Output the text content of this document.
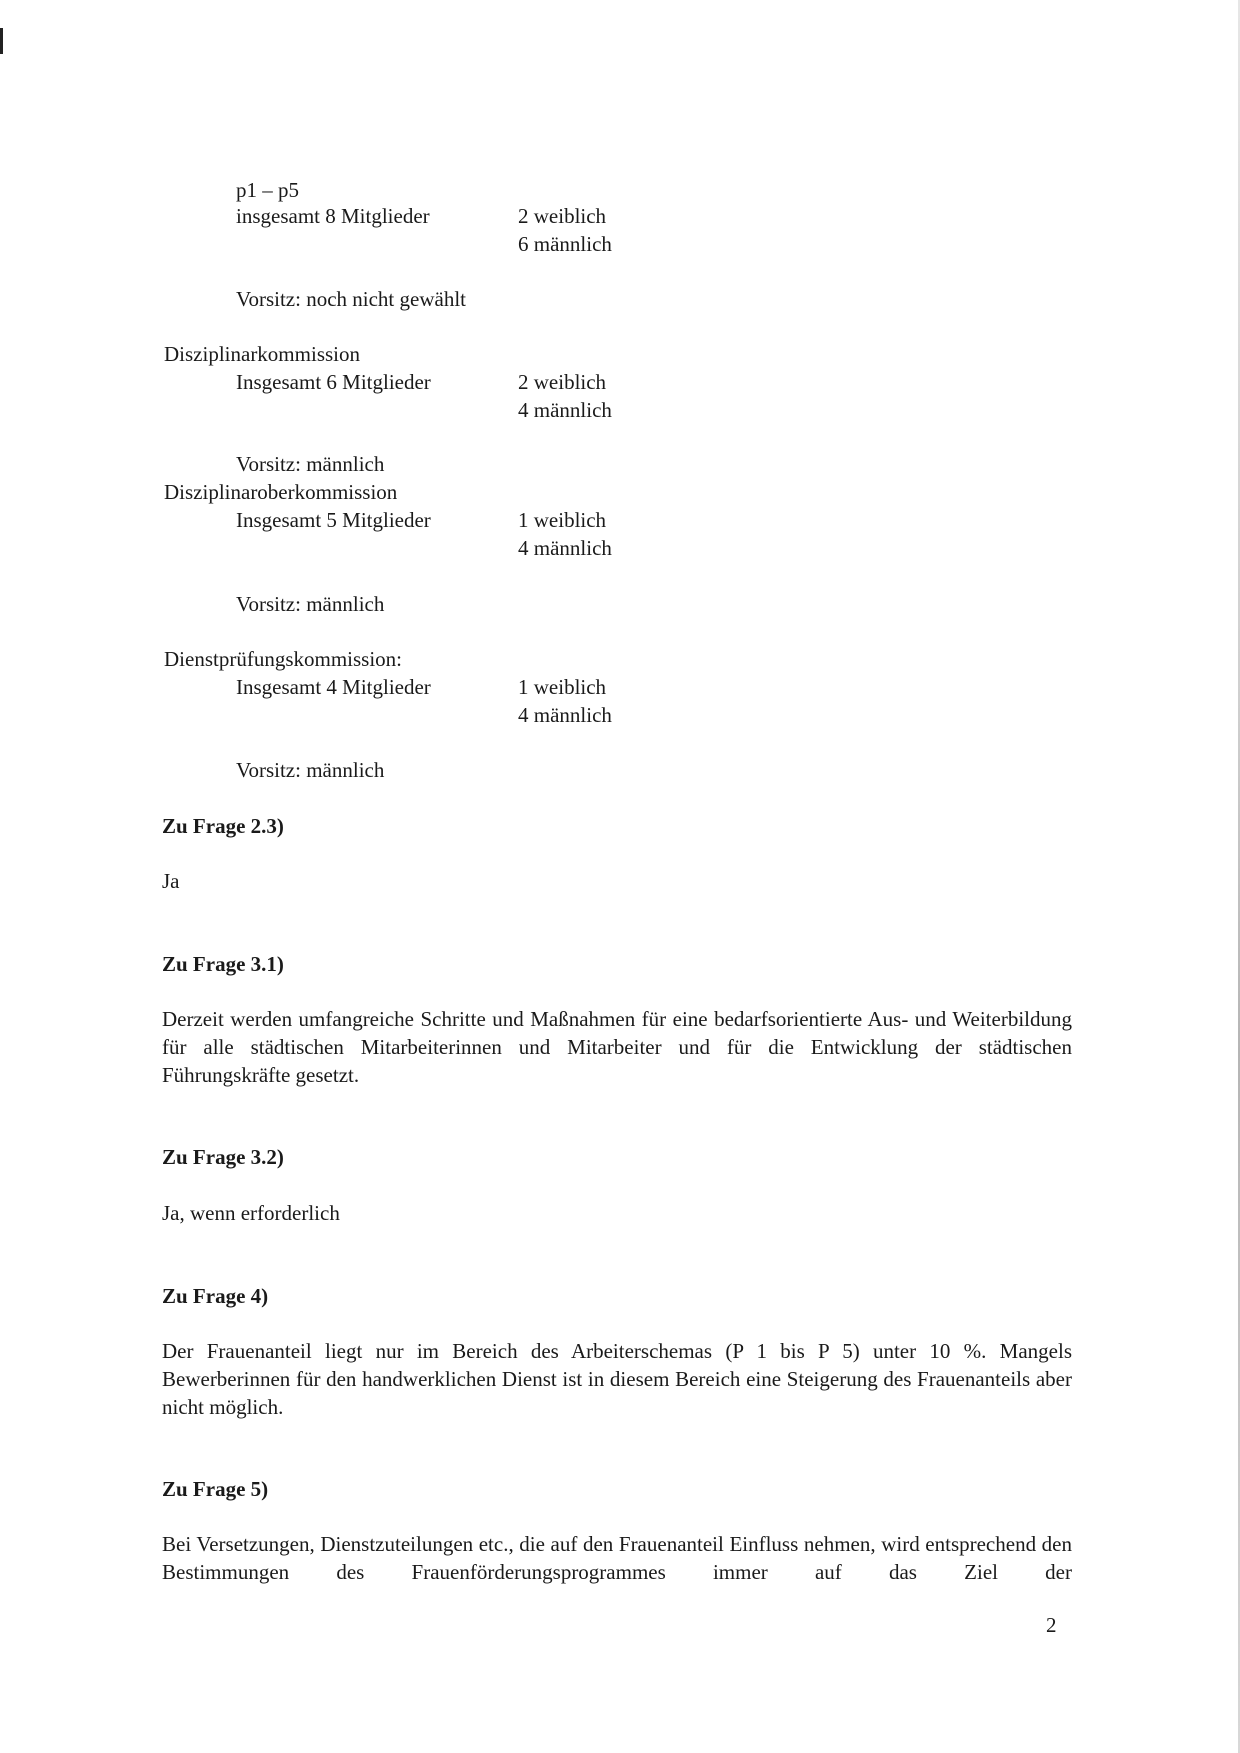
p1 – p5
insgesamt 8 Mitglieder	2 weiblich
6 männlich
Vorsitz: noch nicht gewählt
Disziplinarkommission
Insgesamt 6 Mitglieder	2 weiblich
4 männlich
Vorsitz: männlich
Disziplinaroberkommission
Insgesamt 5 Mitglieder	1 weiblich
4 männlich
Vorsitz: männlich
Dienstprüfungskommission:
Insgesamt 4 Mitglieder	1 weiblich
4 männlich
Vorsitz: männlich
Zu Frage 2.3)
Ja
Zu Frage 3.1)
Derzeit werden umfangreiche Schritte und Maßnahmen für eine bedarfsorientierte Aus- und Weiterbildung für alle städtischen Mitarbeiterinnen und Mitarbeiter und für die Entwicklung der städtischen Führungskräfte gesetzt.
Zu Frage 3.2)
Ja, wenn erforderlich
Zu Frage 4)
Der Frauenanteil liegt nur im Bereich des Arbeiterschemas (P 1 bis P 5) unter 10 %. Mangels Bewerberinnen für den handwerklichen Dienst ist in diesem Bereich eine Steigerung des Frauenanteils aber nicht möglich.
Zu Frage 5)
Bei Versetzungen, Dienstzuteilungen etc., die auf den Frauenanteil Einfluss nehmen, wird entsprechend den Bestimmungen des Frauenförderungsprogrammes immer auf das Ziel der
2
